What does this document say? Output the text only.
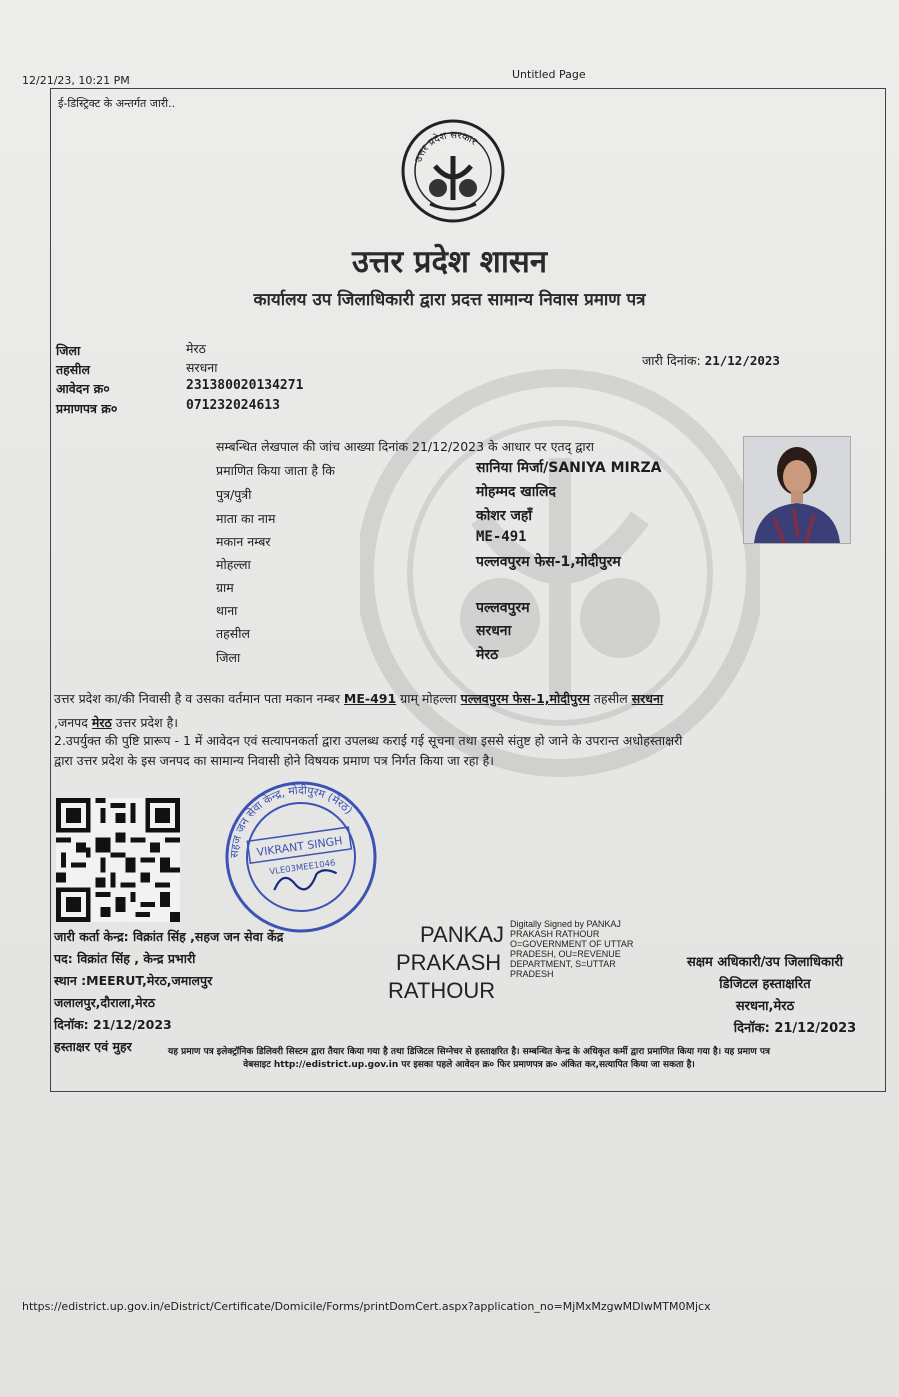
12/21/23, 10:21 PM	Untitled Page
ई-डिस्ट्रिक्ट के अन्तर्गत जारी..
उत्तर प्रदेश सरकार
उत्तर प्रदेश शासन
कार्यालय उप जिलाधिकारी द्वारा प्रदत्त सामान्य निवास प्रमाण पत्र
जिला	मेरठ
तहसील	सरधना
आवेदन क्र०	231380020134271
प्रमाणपत्र क्र०	071232024613
जारी दिनांक: 21/12/2023
सम्बन्धित लेखपाल की जांच आख्या दिनांक 21/12/2023 के आधार पर एतद् द्वारा
प्रमाणित किया जाता है कि	सानिया मिर्जा/SANIYA MIRZA
पुत्र/पुत्री	मोहम्मद खालिद
माता का नाम	कोशर जहाँ
मकान नम्बर	ME-491
मोहल्ला	पल्लवपुरम फेस-1,मोदीपुरम
ग्राम
थाना	पल्लवपुरम
तहसील	सरधना
जिला	मेरठ
उत्तर प्रदेश का/की निवासी है व उसका वर्तमान पता मकान नम्बर ME-491 ग्राम् मोहल्ला पल्लवपुरम फेस-1,मोदीपुरम तहसील सरधना
,जनपद मेरठ उत्तर प्रदेश है।
2.उपर्युक्त की पुष्टि प्रारूप - 1 में आवेदन एवं सत्यापनकर्ता द्वारा उपलब्ध कराई गई सूचना तथा इससे संतुष्ट हो जाने के उपरान्त अधोहस्ताक्षरी
द्वारा उत्तर प्रदेश के इस जनपद का सामान्य निवासी होने विषयक प्रमाण पत्र निर्गत किया जा रहा है।
सहज जन सेवा केन्द्र, मोदीपुरम (मेरठ)
VIKRANT SINGH
VLE03MEE1046
जारी कर्ता केन्द्र: विक्रांत सिंह ,सहज जन सेवा केंद्र
पद: विक्रांत सिंह , केन्द्र प्रभारी
स्थान :MEERUT,मेरठ,जमालपुर
जलालपुर,दौराला,मेरठ
दिनॉक: 21/12/2023
हस्ताक्षर एवं मुहर
PANKAJ
PRAKASH
RATHOUR
Digitally Signed by PANKAJ
PRAKASH RATHOUR
O=GOVERNMENT OF UTTAR
PRADESH, OU=REVENUE
DEPARTMENT, S=UTTAR
PRADESH
सक्षम अधिकारी/उप जिलाधिकारी
डिजिटल हस्ताक्षरित
सरधना,मेरठ
दिनॉक: 21/12/2023
यह प्रमाण पत्र इलेक्ट्रॉनिक डिलिवरी सिस्टम द्वारा तैयार किया गया है तथा डिजिटल सिग्नेचर से हस्ताक्षरित है। सम्बन्धित केन्द्र के अधिकृत कर्मी द्वारा प्रमाणित किया गया है। यह प्रमाण पत्र
वेबसाइट http://edistrict.up.gov.in पर इसका पहले आवेदन क्र० फिर प्रमाणपत्र क्र० अंकित कर,सत्यापित किया जा सकता है।
https://edistrict.up.gov.in/eDistrict/Certificate/Domicile/Forms/printDomCert.aspx?application_no=MjMxMzgwMDIwMTM0Mjcx
